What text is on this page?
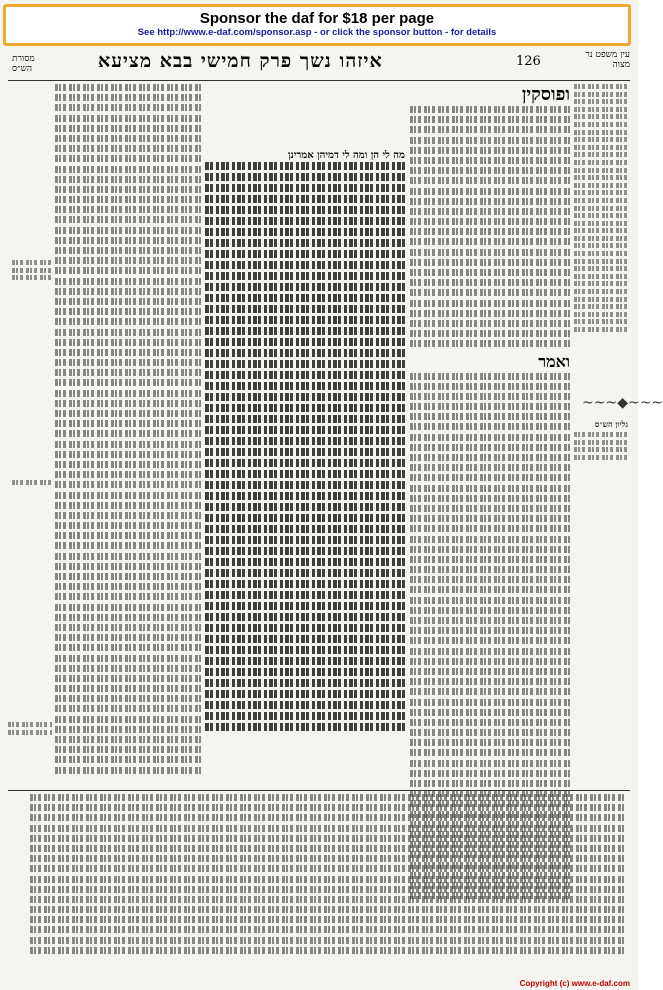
Sponsor the daf for $18 per page
See http://www.e-daf.com/sponsor.asp - or click the sponsor button - for details
עין משפט נר מצוה
126
איזהו נשך פרק חמישי בבא מציעא
מסורת הש״ס
~~~◆~~~
גליון הש״ס
ופוסקין
ואמר
מה לי הן ומה לי דמיהן אמרינן
Copyright (c) www.e-daf.com
